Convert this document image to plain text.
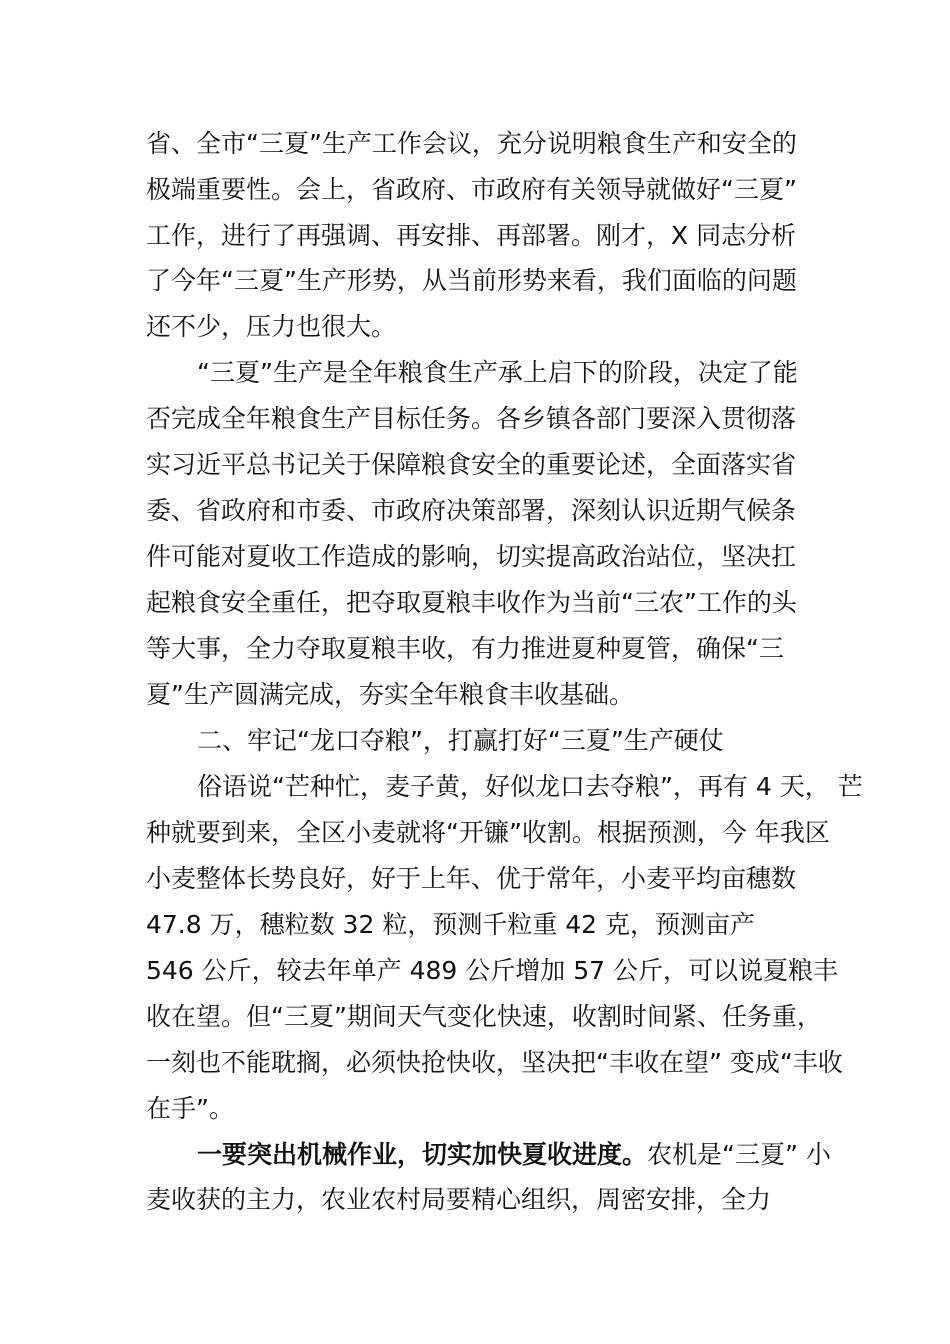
省、全市“三夏”生产工作会议，充分说明粮食生产和安全的
极端重要性。会上，省政府、市政府有关领导就做好“三夏”
工作，进行了再强调、再安排、再部署。刚才，X 同志分析
了今年“三夏”生产形势，从当前形势来看，我们面临的问题
还不少，压力也很大。
“三夏”生产是全年粮食生产承上启下的阶段，决定了能
否完成全年粮食生产目标任务。各乡镇各部门要深入贯彻落
实习近平总书记关于保障粮食安全的重要论述，全面落实省
委、省政府和市委、市政府决策部署，深刻认识近期气候条
件可能对夏收工作造成的影响，切实提高政治站位，坚决扛
起粮食安全重任，把夺取夏粮丰收作为当前“三农”工作的头
等大事，全力夺取夏粮丰收，有力推进夏种夏管，确保“三
夏”生产圆满完成，夯实全年粮食丰收基础。
二、牢记“龙口夺粮”，打赢打好“三夏”生产硬仗
俗语说“芒种忙，麦子黄，好似龙口去夺粮”，再有 4 天， 芒
种就要到来，全区小麦就将“开镰”收割。根据预测，今 年我区
小麦整体长势良好，好于上年、优于常年，小麦平均亩穗数
47.8 万，穗粒数 32 粒，预测千粒重 42 克，预测亩产
546 公斤，较去年单产 489 公斤增加 57 公斤，可以说夏粮丰
收在望。但“三夏”期间天气变化快速，收割时间紧、任务重，
一刻也不能耽搁，必须快抢快收，坚决把“丰收在望” 变成“丰收
在手”。
一要突出机械作业，切实加快夏收进度。农机是“三夏” 小
麦收获的主力，农业农村局要精心组织，周密安排，全力
